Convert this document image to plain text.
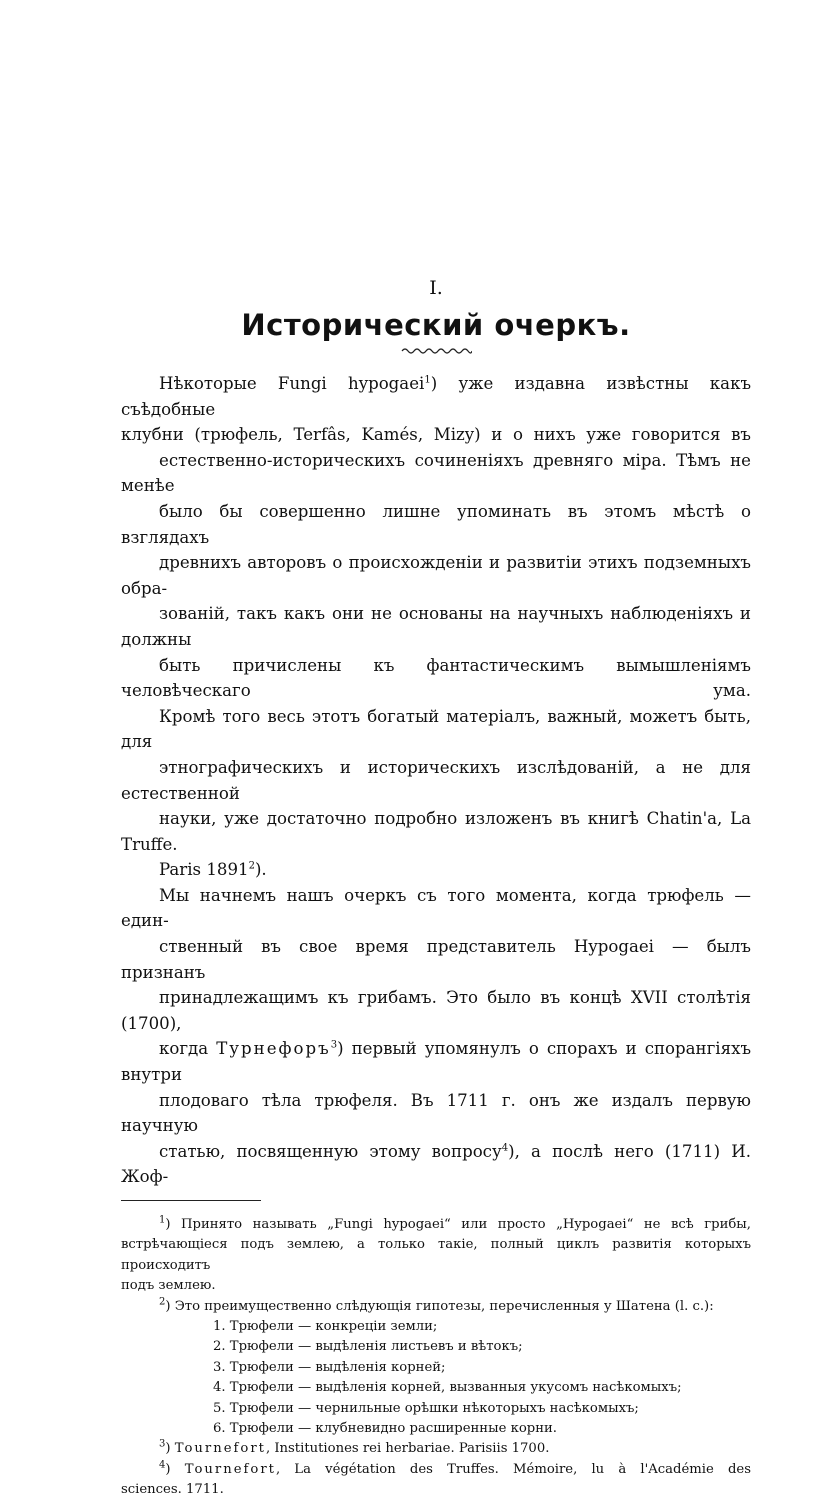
I.
Исторический очеркъ.

Нѣкоторые Fungi hypogaei$^1$) уже издавна извѣстны какъ съѣдобные
клубни (трюфель, Terfâs, Kamés, Mizy) и о нихъ уже говорится въ
естественно-историческихъ сочиненіяхъ древняго міра. Тѣмъ не менѣе
было бы совершенно лишне упоминать въ этомъ мѣстѣ о взглядахъ
древнихъ авторовъ о происхожденіи и развитіи этихъ подземныхъ обра-
зованій, такъ какъ они не основаны на научныхъ наблюденіяхъ и должны
быть причислены къ фантастическимъ вымышленіямъ человѣческаго ума.
Кромѣ того весь этотъ богатый матеріалъ, важный, можетъ быть, для
этнографическихъ и историческихъ изслѣдованій, а не для естественной
науки, уже достаточно подробно изложенъ въ книгѣ Chatin'a, La Truffe.
Paris 1891$^2$).

Мы начнемъ нашъ очеркъ съ того момента, когда трюфель — един-
ственный въ свое время представитель Hypogaei — былъ признанъ
принадлежащимъ къ грибамъ. Это было въ концѣ XVII столѣтія (1700),
когда Турнефоръ$^3$) первый упомянулъ о спорахъ и спорангіяхъ внутри
плодоваго тѣла трюфеля. Въ 1711 г. онъ же издалъ первую научную
статью, посвященную этому вопросу$^4$), а послѣ него (1711) И. Жоф-

$^1$) Принято называть „Fungi hypogaei“ или просто „Hypogaei“ не всѣ грибы,
встрѣчающіеся подъ землею, а только такіе, полный циклъ развитія которыхъ происходитъ
подъ землею.
$^2$) Это преимущественно слѣдующія гипотезы, перечисленныя у Шатена (l. c.):
1. Трюфели — конкреціи земли;
2. Трюфели — выдѣленія листьевъ и вѣтокъ;
3. Трюфели — выдѣленія корней;
4. Трюфели — выдѣленія корней, вызванныя укусомъ насѣкомыхъ;
5. Трюфели — чернильные орѣшки нѣкоторыхъ насѣкомыхъ;
6. Трюфели — клубневидно расширенные корни.
$^3$) Tournefort, Institutiones rei herbariae. Parisiis 1700.
$^4$) Tournefort, La végétation des Truffes. Mémoire, lu à l'Académie des
sciences. 1711.
